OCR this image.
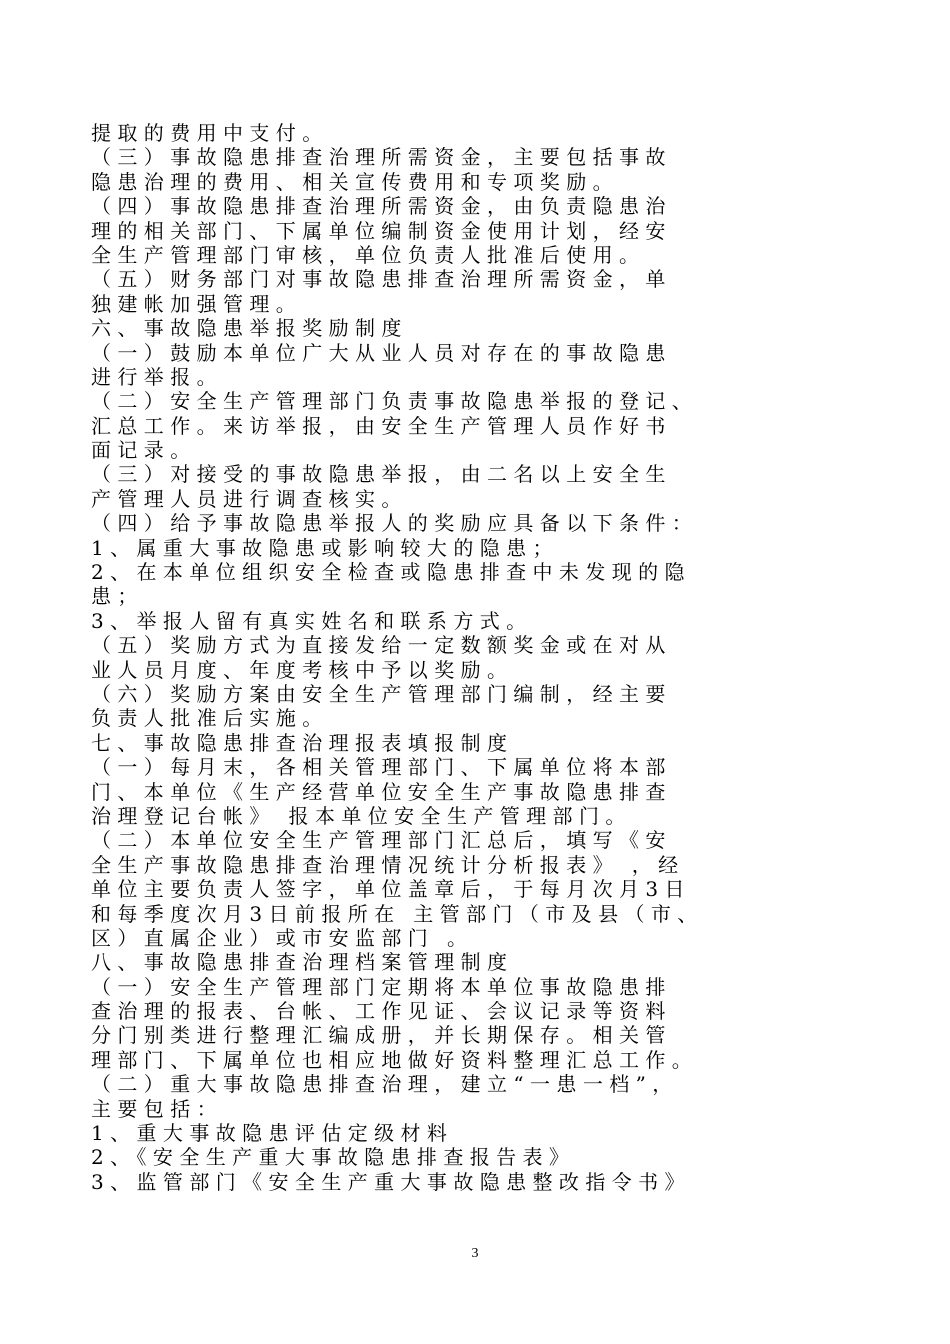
提取的费用中支付。
（三）事故隐患排查治理所需资金，主要包括事故
隐患治理的费用、相关宣传费用和专项奖励。
（四）事故隐患排查治理所需资金，由负责隐患治
理的相关部门、下属单位编制资金使用计划，经安
全生产管理部门审核，单位负责人批准后使用。
（五）财务部门对事故隐患排查治理所需资金，单
独建帐加强管理。
六、事故隐患举报奖励制度
（一）鼓励本单位广大从业人员对存在的事故隐患
进行举报。
（二）安全生产管理部门负责事故隐患举报的登记、
汇总工作。来访举报，由安全生产管理人员作好书
面记录。
（三）对接受的事故隐患举报，由二名以上安全生
产管理人员进行调查核实。
（四）给予事故隐患举报人的奖励应具备以下条件：
1、属重大事故隐患或影响较大的隐患；
2、在本单位组织安全检查或隐患排查中未发现的隐
患；
3、举报人留有真实姓名和联系方式。
（五）奖励方式为直接发给一定数额奖金或在对从
业人员月度、年度考核中予以奖励。
（六）奖励方案由安全生产管理部门编制，经主要
负责人批准后实施。
七、事故隐患排查治理报表填报制度
（一）每月末，各相关管理部门、下属单位将本部
门、本单位《生产经营单位安全生产事故隐患排查
治理登记台帐》 报本单位安全生产管理部门。
（二）本单位安全生产管理部门汇总后，填写《安
全生产事故隐患排查治理情况统计分析报表》 ，经
单位主要负责人签字，单位盖章后，于每月次月3日
和每季度次月3日前报所在 主管部门（市及县（市、
区）直属企业）或市安监部门 。
八、事故隐患排查治理档案管理制度
（一）安全生产管理部门定期将本单位事故隐患排
查治理的报表、台帐、工作见证、会议记录等资料
分门别类进行整理汇编成册，并长期保存。相关管
理部门、下属单位也相应地做好资料整理汇总工作。
（二）重大事故隐患排查治理，建立“一患一档”，
主要包括：
1、重大事故隐患评估定级材料
2、《安全生产重大事故隐患排查报告表》
3、监管部门《安全生产重大事故隐患整改指令书》
3
